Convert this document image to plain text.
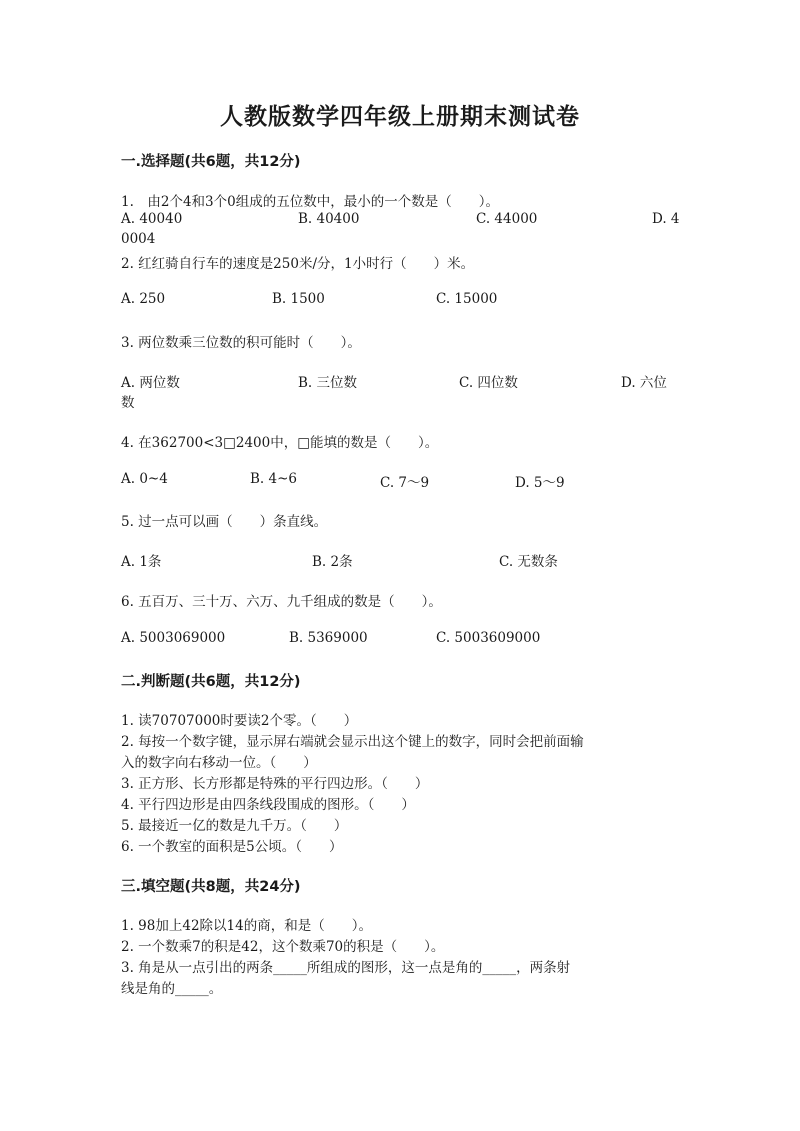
人教版数学四年级上册期末测试卷
一.选择题(共6题，共12分)
1.　由2个4和3个0组成的五位数中，最小的一个数是（　　）。
A. 40040	B. 40400	C. 44000	D. 4
0004
2. 红红骑自行车的速度是250米/分，1小时行（　　）米。
A. 250	B. 1500	C. 15000
3. 两位数乘三位数的积可能时（　　）。
A. 两位数	B. 三位数	C. 四位数	D. 六位
数
4. 在362700<3□2400中，□能填的数是（　　）。
A. 0~4	B. 4~6	C. 7～9	D. 5～9
5. 过一点可以画（　　）条直线。
A. 1条	B. 2条	C. 无数条
6. 五百万、三十万、六万、九千组成的数是（　　）。
A. 5003069000	B. 5369000	C. 5003609000
二.判断题(共6题，共12分)
1. 读70707000时要读2个零。（　　）
2. 每按一个数字键，显示屏右端就会显示出这个键上的数字，同时会把前面输
入的数字向右移动一位。（　　）
3. 正方形、长方形都是特殊的平行四边形。（　　）
4. 平行四边形是由四条线段围成的图形。（　　）
5. 最接近一亿的数是九千万。（　　）
6. 一个教室的面积是5公顷。（　　）
三.填空题(共8题，共24分)
1. 98加上42除以14的商，和是（　　）。
2. 一个数乘7的积是42，这个数乘70的积是（　　）。
3. 角是从一点引出的两条_____所组成的图形，这一点是角的_____，两条射
线是角的_____。
